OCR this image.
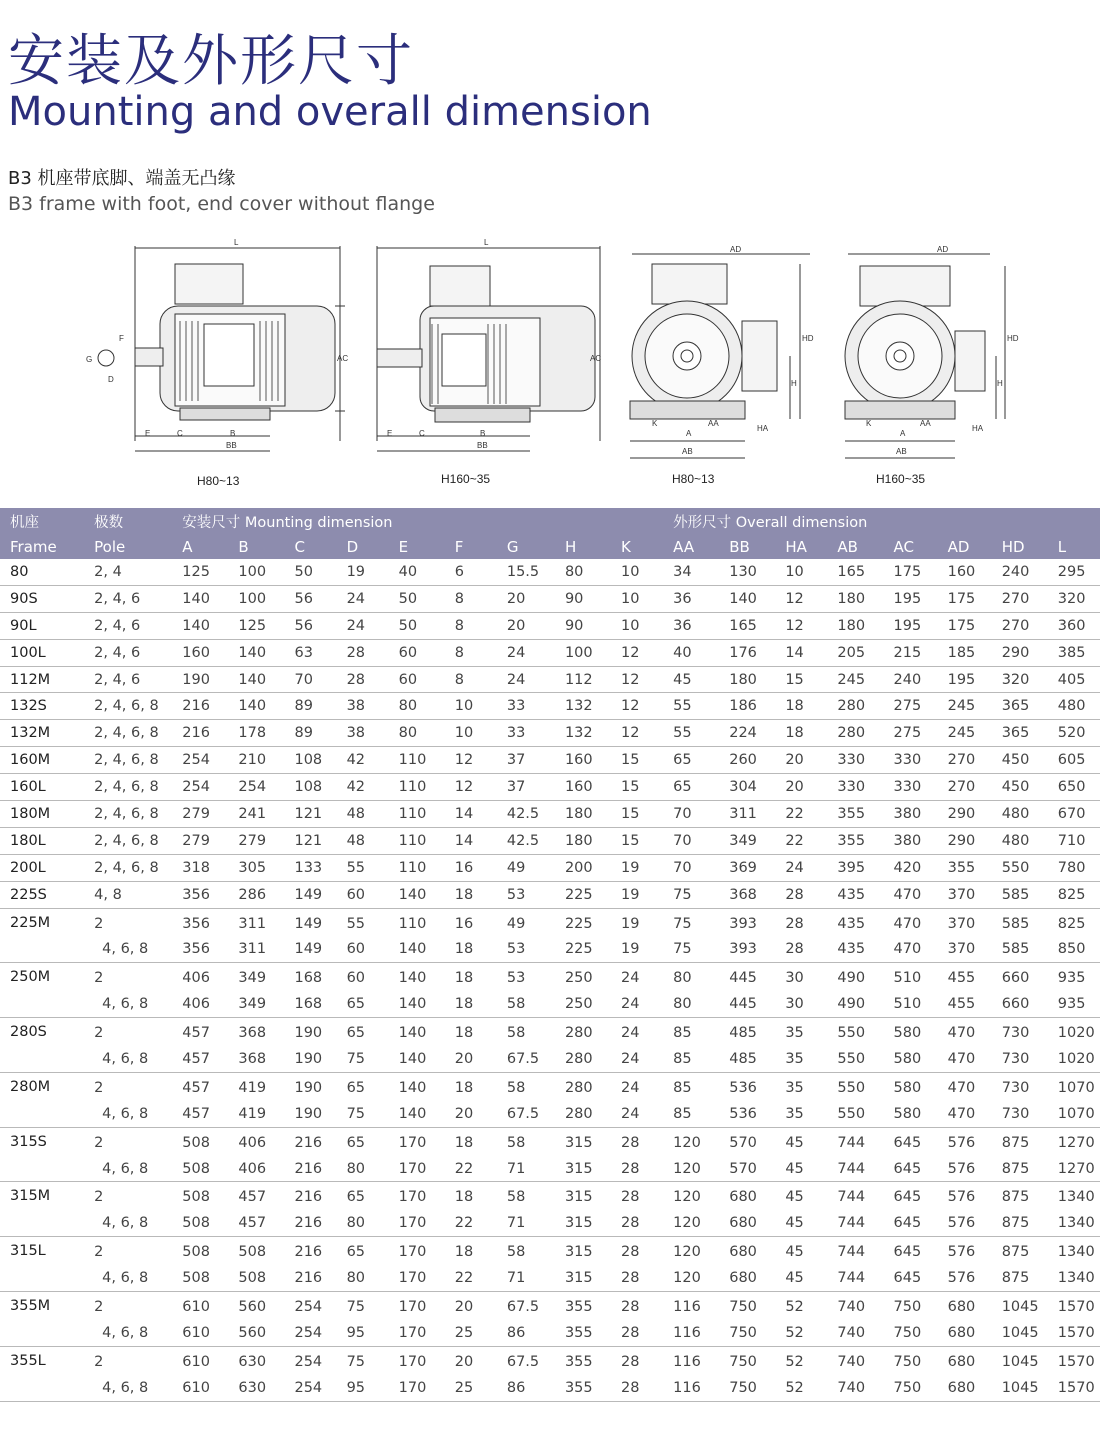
安装及外形尺寸
Mounting and overall dimension
B3 机座带底脚、端盖无凸缘
B3 frame with foot, end cover without flange
L
AC
E	C	B
BB
F
G
D
L
AC
E	C	B
BB
AD
HD
H
K	AA
A
AB
HA
AD
HD
H
K	AA
A
AB
HA
H80~13	H160~35	H80~13	H160~35
机座	极数	安装尺寸 Mounting dimension									外形尺寸 Overall dimension							
Frame	Pole	A	B	C	D	E	F	G	H	K	AA	BB	HA	AB	AC	AD	HD	L
80	2, 4	125	100	50	19	40	6	15.5	80	10	34	130	10	165	175	160	240	295
90S	2, 4, 6	140	100	56	24	50	8	20	90	10	36	140	12	180	195	175	270	320
90L	2, 4, 6	140	125	56	24	50	8	20	90	10	36	165	12	180	195	175	270	360
100L	2, 4, 6	160	140	63	28	60	8	24	100	12	40	176	14	205	215	185	290	385
112M	2, 4, 6	190	140	70	28	60	8	24	112	12	45	180	15	245	240	195	320	405
132S	2, 4, 6, 8	216	140	89	38	80	10	33	132	12	55	186	18	280	275	245	365	480
132M	2, 4, 6, 8	216	178	89	38	80	10	33	132	12	55	224	18	280	275	245	365	520
160M	2, 4, 6, 8	254	210	108	42	110	12	37	160	15	65	260	20	330	330	270	450	605
160L	2, 4, 6, 8	254	254	108	42	110	12	37	160	15	65	304	20	330	330	270	450	650
180M	2, 4, 6, 8	279	241	121	48	110	14	42.5	180	15	70	311	22	355	380	290	480	670
180L	2, 4, 6, 8	279	279	121	48	110	14	42.5	180	15	70	349	22	355	380	290	480	710
200L	2, 4, 6, 8	318	305	133	55	110	16	49	200	19	70	369	24	395	420	355	550	780
225S	4, 8	356	286	149	60	140	18	53	225	19	75	368	28	435	470	370	585	825
225M	2	356	311	149	55	110	16	49	225	19	75	393	28	435	470	370	585	825
	4, 6, 8	356	311	149	60	140	18	53	225	19	75	393	28	435	470	370	585	850
250M	2	406	349	168	60	140	18	53	250	24	80	445	30	490	510	455	660	935
	4, 6, 8	406	349	168	65	140	18	58	250	24	80	445	30	490	510	455	660	935
280S	2	457	368	190	65	140	18	58	280	24	85	485	35	550	580	470	730	1020
	4, 6, 8	457	368	190	75	140	20	67.5	280	24	85	485	35	550	580	470	730	1020
280M	2	457	419	190	65	140	18	58	280	24	85	536	35	550	580	470	730	1070
	4, 6, 8	457	419	190	75	140	20	67.5	280	24	85	536	35	550	580	470	730	1070
315S	2	508	406	216	65	170	18	58	315	28	120	570	45	744	645	576	875	1270
	4, 6, 8	508	406	216	80	170	22	71	315	28	120	570	45	744	645	576	875	1270
315M	2	508	457	216	65	170	18	58	315	28	120	680	45	744	645	576	875	1340
	4, 6, 8	508	457	216	80	170	22	71	315	28	120	680	45	744	645	576	875	1340
315L	2	508	508	216	65	170	18	58	315	28	120	680	45	744	645	576	875	1340
	4, 6, 8	508	508	216	80	170	22	71	315	28	120	680	45	744	645	576	875	1340
355M	2	610	560	254	75	170	20	67.5	355	28	116	750	52	740	750	680	1045	1570
	4, 6, 8	610	560	254	95	170	25	86	355	28	116	750	52	740	750	680	1045	1570
355L	2	610	630	254	75	170	20	67.5	355	28	116	750	52	740	750	680	1045	1570
	4, 6, 8	610	630	254	95	170	25	86	355	28	116	750	52	740	750	680	1045	1570
